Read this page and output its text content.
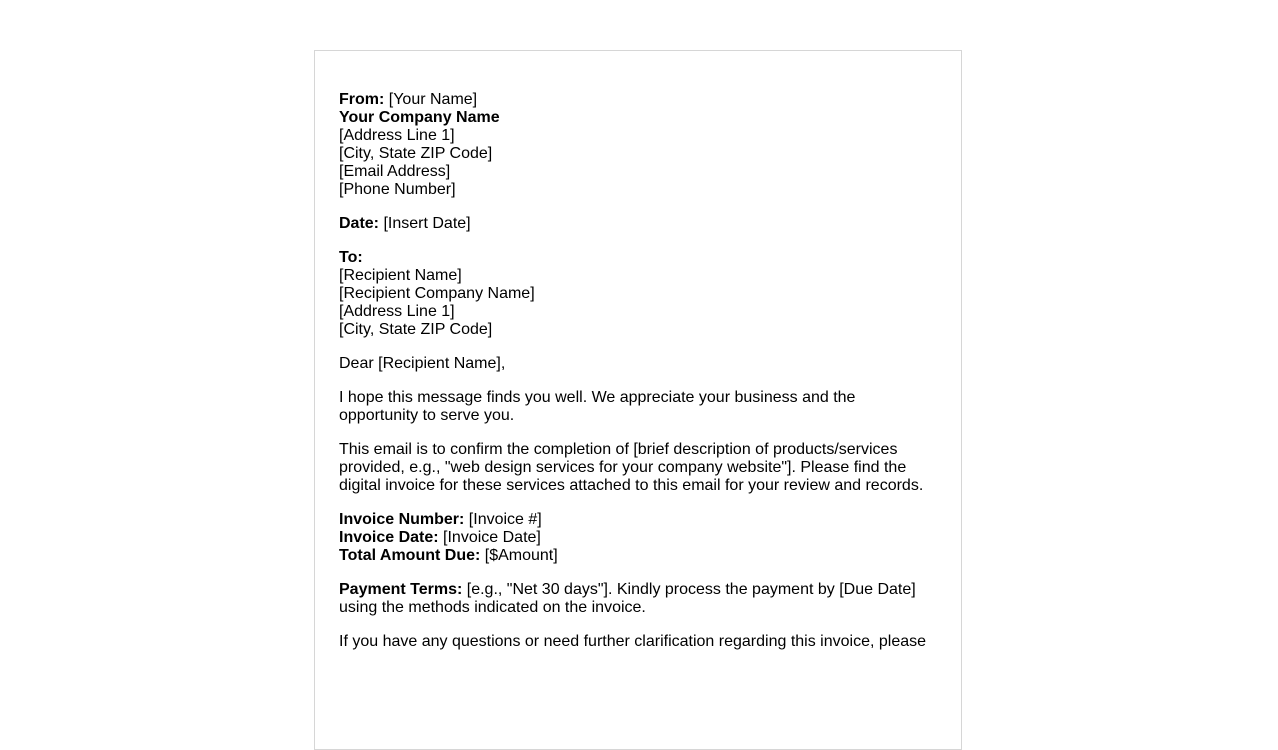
From: [Your Name]
Your Company Name
[Address Line 1]
[City, State ZIP Code]
[Email Address]
[Phone Number]
Date: [Insert Date]
To:
[Recipient Name]
[Recipient Company Name]
[Address Line 1]
[City, State ZIP Code]
Dear [Recipient Name],
I hope this message finds you well. We appreciate your business and the
opportunity to serve you.
This email is to confirm the completion of [brief description of products/services
provided, e.g., "web design services for your company website"]. Please find the
digital invoice for these services attached to this email for your review and records.
Invoice Number: [Invoice #]
Invoice Date: [Invoice Date]
Total Amount Due: [$Amount]
Payment Terms: [e.g., "Net 30 days"]. Kindly process the payment by [Due Date]
using the methods indicated on the invoice.
If you have any questions or need further clarification regarding this invoice, please
